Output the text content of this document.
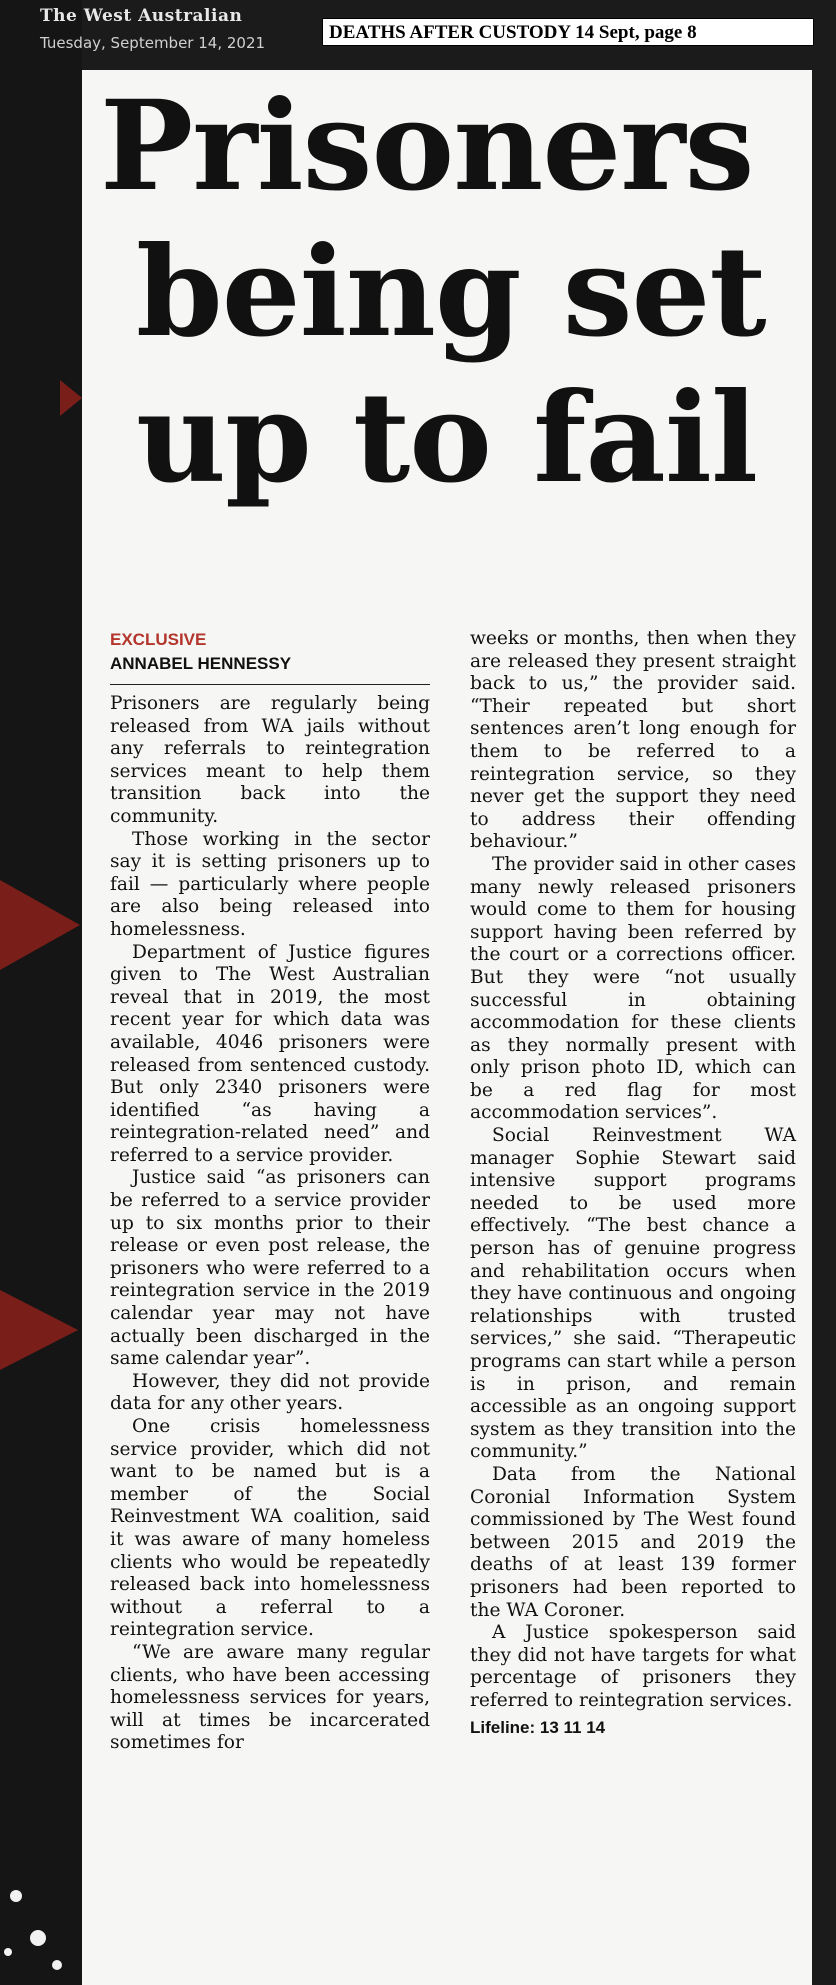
The West Australian
Tuesday, September 14, 2021	DEATHS AFTER CUSTODY 14 Sept, page 8
Prisoners
being set
up to fail
EXCLUSIVE
ANNABEL HENNESSY

Prisoners are regularly being released from WA jails without any referrals to reintegration services meant to help them transition back into the community.

Those working in the sector say it is setting prisoners up to fail — particularly where people are also being released into homelessness.

Department of Justice figures given to The West Australian reveal that in 2019, the most recent year for which data was available, 4046 prisoners were released from sentenced custody. But only 2340 prisoners were identified “as having a reintegration-related need” and referred to a service provider.

Justice said “as prisoners can be referred to a service provider up to six months prior to their release or even post release, the prisoners who were referred to a reintegration service in the 2019 calendar year may not have actually been discharged in the same calendar year”.

However, they did not provide data for any other years.

One crisis homelessness service provider, which did not want to be named but is a member of the Social Reinvestment WA coalition, said it was aware of many homeless clients who would be repeatedly released back into homelessness without a referral to a reintegration service.

“We are aware many regular clients, who have been accessing homelessness services for years, will at times be incarcerated sometimes for

weeks or months, then when they are released they present straight back to us,” the provider said. “Their repeated but short sentences aren’t long enough for them to be referred to a reintegration service, so they never get the support they need to address their offending behaviour.”

The provider said in other cases many newly released prisoners would come to them for housing support having been referred by the court or a corrections officer. But they were “not usually successful in obtaining accommodation for these clients as they normally present with only prison photo ID, which can be a red flag for most accommodation services”.

Social Reinvestment WA manager Sophie Stewart said intensive support programs needed to be used more effectively. “The best chance a person has of genuine progress and rehabilitation occurs when they have continuous and ongoing relationships with trusted services,” she said. “Therapeutic programs can start while a person is in prison, and remain accessible as an ongoing support system as they transition into the community.”

Data from the National Coronial Information System commissioned by The West found between 2015 and 2019 the deaths of at least 139 former prisoners had been reported to the WA Coroner.

A Justice spokesperson said they did not have targets for what percentage of prisoners they referred to reintegration services.

Lifeline: 13 11 14
